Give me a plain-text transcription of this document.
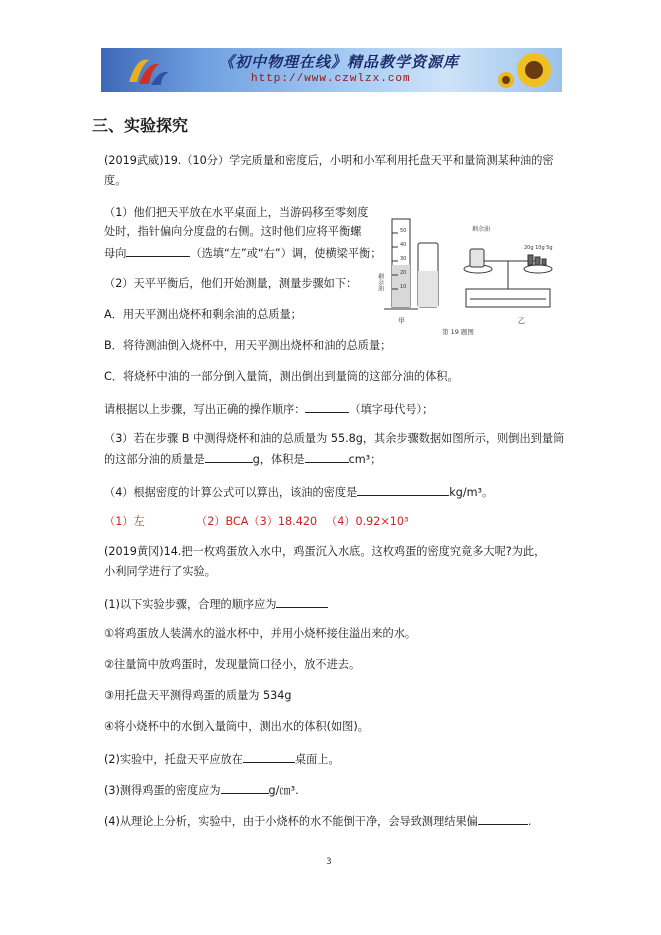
《初中物理在线》精品教学资源库
http://www.czwlzx.com
三、实验探究
(2019武威)19.（10分）学完质量和密度后，小明和小军利用托盘天平和量筒测某种油的密
度。
（1）他们把天平放在水平桌面上，当游码移至零刻度
处时，指针偏向分度盘的右侧。这时他们应将平衡螺
母向	（选填“左”或“右”）调，使横梁平衡；
（2）天平平衡后，他们开始测量，测量步骤如下：
A．用天平测出烧杯和剩余油的总质量；
B．将待测油倒入烧杯中，用天平测出烧杯和油的总质量；
C．将烧杯中油的一部分倒入量筒，测出倒出到量筒的这部分油的体积。
请根据以上步骤，写出正确的操作顺序：	（填字母代号）；
（3）若在步骤 B 中测得烧杯和油的总质量为 55.8g，其余步骤数据如图所示，则倒出到量筒
的这部分油的质量是	g，体积是	cm³；
（4）根据密度的计算公式可以算出，该油的密度是	kg/m³。
（1）左	（2）BCA（3）18.420 （4）0.92×10³
50
40
30
20
10
剩余油
甲
剩余油
20g 10g 5g
乙
第 19 题图
(2019黄冈)14.把一枚鸡蛋放入水中，鸡蛋沉入水底。这枚鸡蛋的密度究竟多大呢?为此，
小利同学进行了实验。
(1)以下实验步骤，合理的顺序应为
①将鸡蛋放人装满水的溢水杯中，并用小烧杯接住溢出来的水。
②往量筒中放鸡蛋时，发现量筒口径小，放不进去。
③用托盘天平测得鸡蛋的质量为 534g
④将小烧杯中的水倒入量筒中，测出水的体积(如图)。
(2)实验中，托盘天平应放在	桌面上。
(3)测得鸡蛋的密度应为	g/㎝³.
(4)从理论上分析，实验中，由于小烧杯的水不能倒干净，会导致测理结果偏	.
3
